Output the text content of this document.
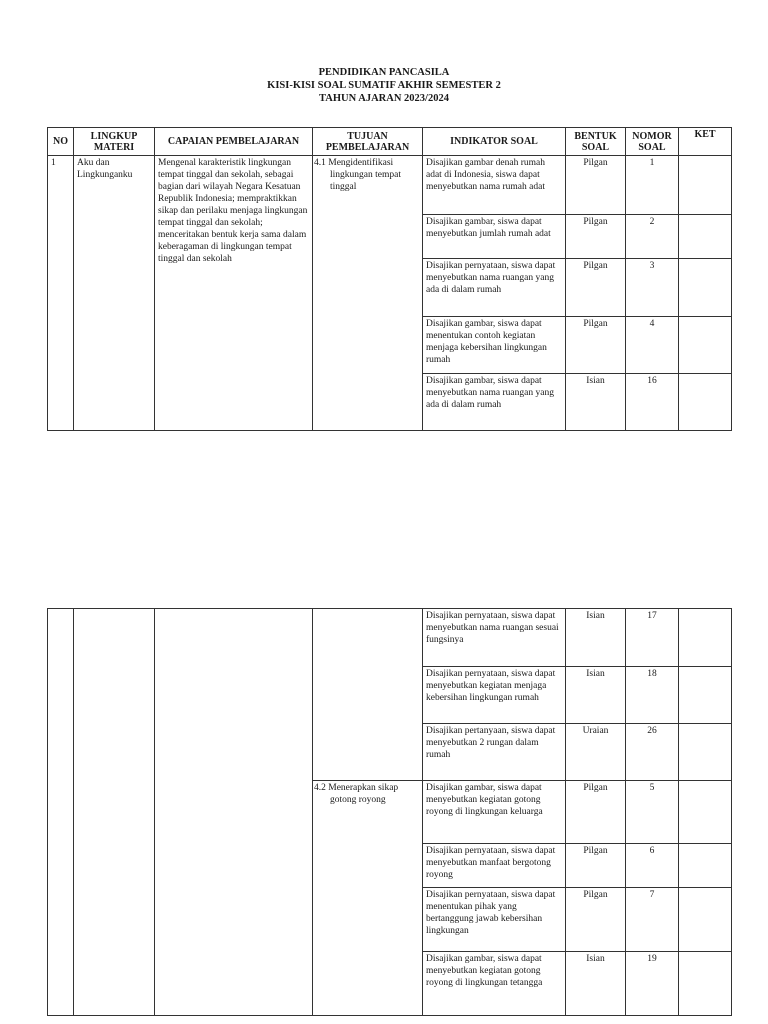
PENDIDIKAN PANCASILA
KISI-KISI SOAL SUMATIF AKHIR SEMESTER 2
TAHUN AJARAN 2023/2024
NO	LINGKUP MATERI	CAPAIAN PEMBELAJARAN	TUJUAN PEMBELAJARAN	INDIKATOR SOAL	BENTUK SOAL	NOMOR SOAL	KET
1	Aku dan Lingkunganku	Mengenal karakteristik lingkungan tempat tinggal dan sekolah, sebagai bagian dari wilayah Negara Kesatuan Republik Indonesia; mempraktikkan sikap dan perilaku menjaga lingkungan tempat tinggal dan sekolah; menceritakan bentuk kerja sama dalam keberagaman di lingkungan tempat tinggal dan sekolah	4.1 Mengidentifikasi lingkungan tempat tinggal	Disajikan gambar denah rumah adat di Indonesia, siswa dapat menyebutkan nama rumah adat	Pilgan	1	
				Disajikan gambar, siswa dapat menyebutkan jumlah rumah adat	Pilgan	2	
				Disajikan pernyataan, siswa dapat menyebutkan nama ruangan yang ada di dalam rumah	Pilgan	3	
				Disajikan gambar, siswa dapat menentukan contoh kegiatan menjaga kebersihan lingkungan rumah	Pilgan	4	
				Disajikan gambar, siswa dapat menyebutkan nama ruangan yang ada di dalam rumah	Isian	16	
				Disajikan pernyataan, siswa dapat menyebutkan nama ruangan sesuai fungsinya	Isian	17	
				Disajikan pernyataan, siswa dapat menyebutkan kegiatan menjaga kebersihan lingkungan rumah	Isian	18	
				Disajikan pertanyaan, siswa dapat menyebutkan 2 rungan dalam rumah	Uraian	26	
			4.2 Menerapkan sikap gotong royong	Disajikan gambar, siswa dapat menyebutkan kegiatan gotong royong di lingkungan keluarga	Pilgan	5	
				Disajikan pernyataan, siswa dapat menyebutkan manfaat bergotong royong	Pilgan	6	
				Disajikan pernyataan, siswa dapat menentukan pihak yang bertanggung jawab kebersihan lingkungan	Pilgan	7	
				Disajikan gambar, siswa dapat menyebutkan kegiatan gotong royong di lingkungan tetangga	Isian	19	
